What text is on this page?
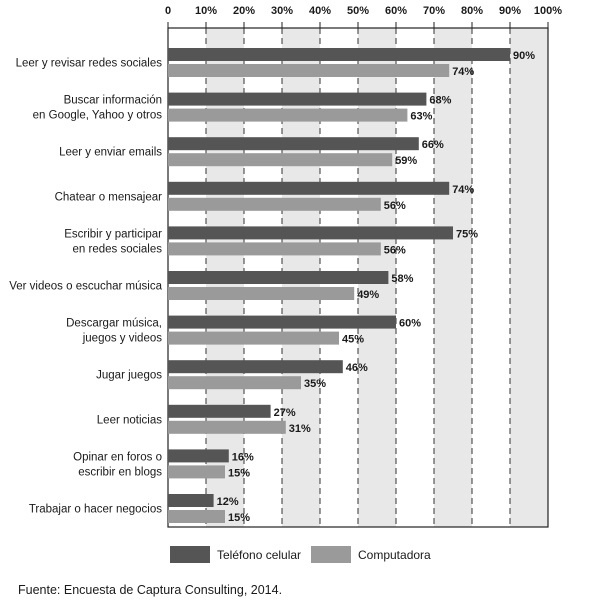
0 10% 20% 30% 40% 50% 60% 70% 80% 90% 100%
Leer y revisar redes sociales
Buscar información
en Google, Yahoo y otros
Leer y enviar emails
Chatear o mensajear
Escribir y participar
en redes sociales
Ver videos o escuchar música
Descargar música,
juegos y videos
Jugar juegos
Leer noticias
Opinar en foros o
escribir en blogs
Trabajar o hacer negocios
90%
74%
68%
63%
66%
59%
74%
56%
75%
56%
58%
49%
60%
45%
46%
35%
27%
31%
16%
15%
12%
15%
Teléfono celular	Computadora
Fuente: Encuesta de Captura Consulting, 2014.
